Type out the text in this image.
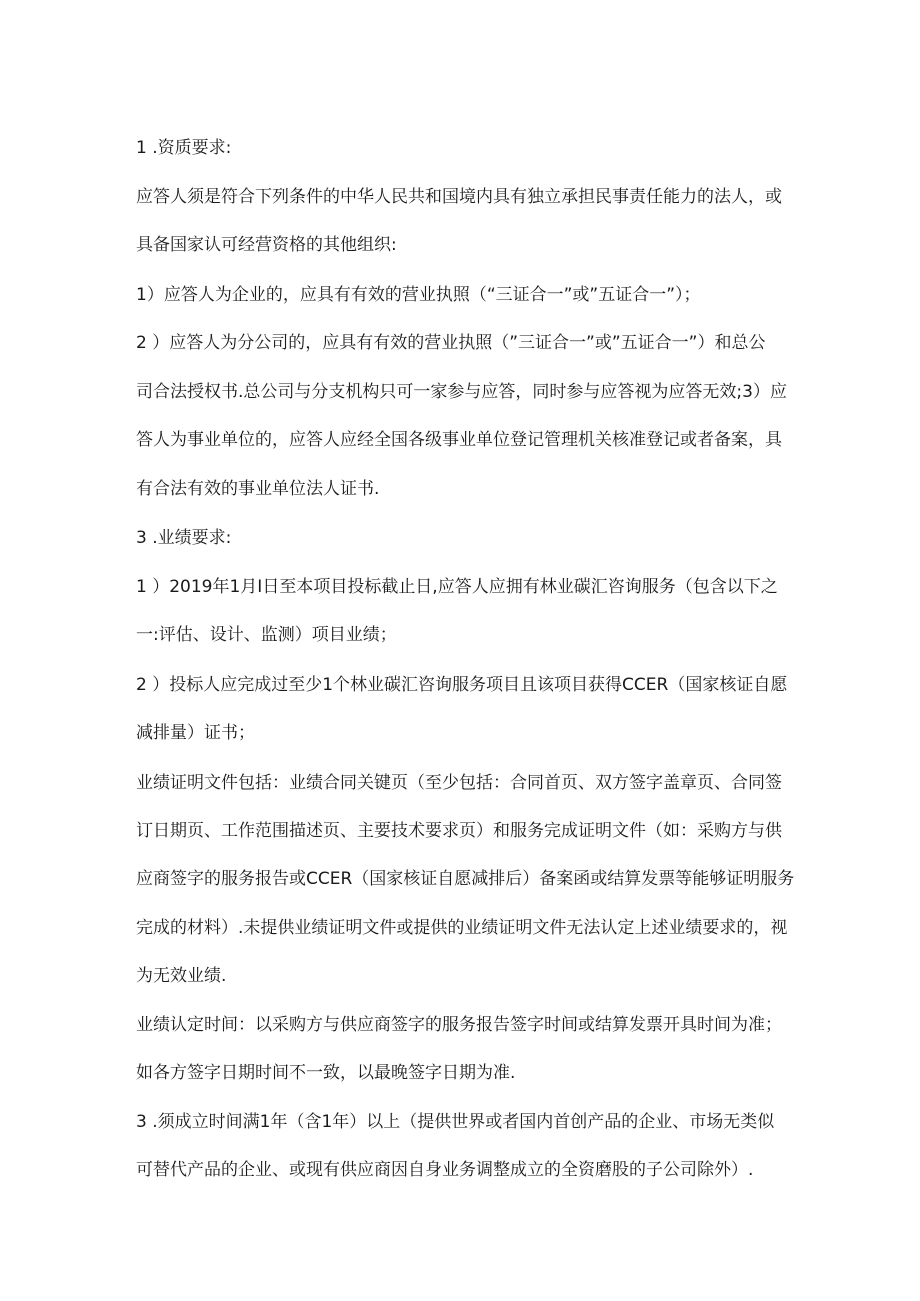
1 .资质要求:
应答人须是符合下列条件的中华人民共和国境内具有独立承担民事责任能力的法人，或
具备国家认可经营资格的其他组织:
1）应答人为企业的，应具有有效的营业执照（“三证合一”或”五证合一”）；
2 ）应答人为分公司的，应具有有效的营业执照（”三证合一”或”五证合一”）和总公
司合法授权书.总公司与分支机构只可一家参与应答，同时参与应答视为应答无效;3）应
答人为事业单位的，应答人应经全国各级事业单位登记管理机关核准登记或者备案，具
有合法有效的事业单位法人证书.
3 .业绩要求:
1 ）2019年1月I日至本项目投标截止日,应答人应拥有林业碳汇咨询服务（包含以下之
一:评估、设计、监测）项目业绩；
2 ）投标人应完成过至少1个林业碳汇咨询服务项目且该项目获得CCER（国家核证自愿
减排量）证书；
业绩证明文件包括：业绩合同关键页（至少包括：合同首页、双方签字盖章页、合同签
订日期页、工作范围描述页、主要技术要求页）和服务完成证明文件（如：采购方与供
应商签字的服务报告或CCER（国家核证自愿减排后）备案函或结算发票等能够证明服务
完成的材料）.未提供业绩证明文件或提供的业绩证明文件无法认定上述业绩要求的，视
为无效业绩.
业绩认定时间：以采购方与供应商签字的服务报告签字时间或结算发票开具时间为准；
如各方签字日期时间不一致，以最晚签字日期为准.
3 .须成立时间满1年（含1年）以上（提供世界或者国内首创产品的企业、市场无类似
可替代产品的企业、或现有供应商因自身业务调整成立的全资磨股的子公司除外）.
